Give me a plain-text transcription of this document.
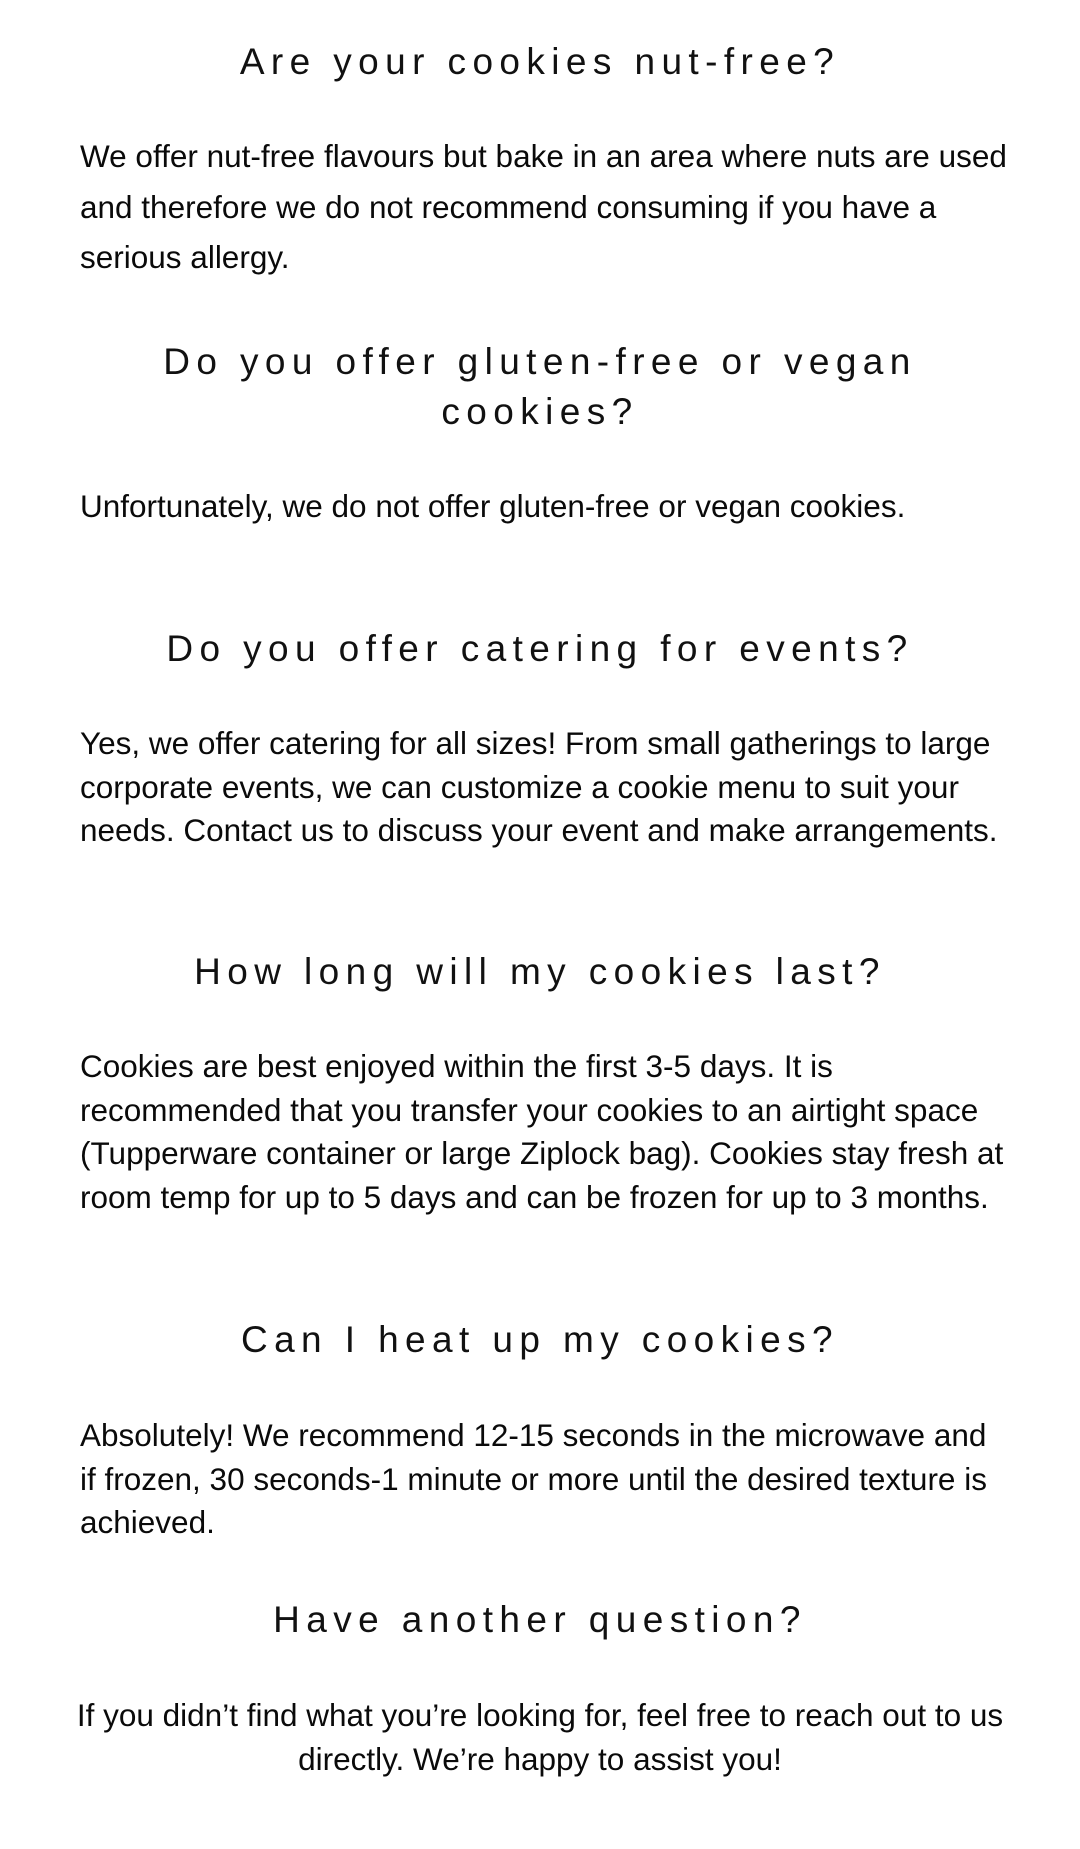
Are your cookies nut-free?

We offer nut-free flavours but bake in an area where nuts are used and therefore we do not recommend consuming if you have a serious allergy.

Do you offer gluten-free or vegan cookies?

Unfortunately, we do not offer gluten-free or vegan cookies.

Do you offer catering for events?

Yes, we offer catering for all sizes! From small gatherings to large corporate events, we can customize a cookie menu to suit your needs. Contact us to discuss your event and make arrangements.

How long will my cookies last?

Cookies are best enjoyed within the first 3-5 days. It is recommended that you transfer your cookies to an airtight space (Tupperware container or large Ziplock bag). Cookies stay fresh at room temp for up to 5 days and can be frozen for up to 3 months.

Can I heat up my cookies?

Absolutely! We recommend 12-15 seconds in the microwave and if frozen, 30 seconds-1 minute or more until the desired texture is achieved.

Have another question?

If you didn’t find what you’re looking for, feel free to reach out to us directly. We’re happy to assist you!
